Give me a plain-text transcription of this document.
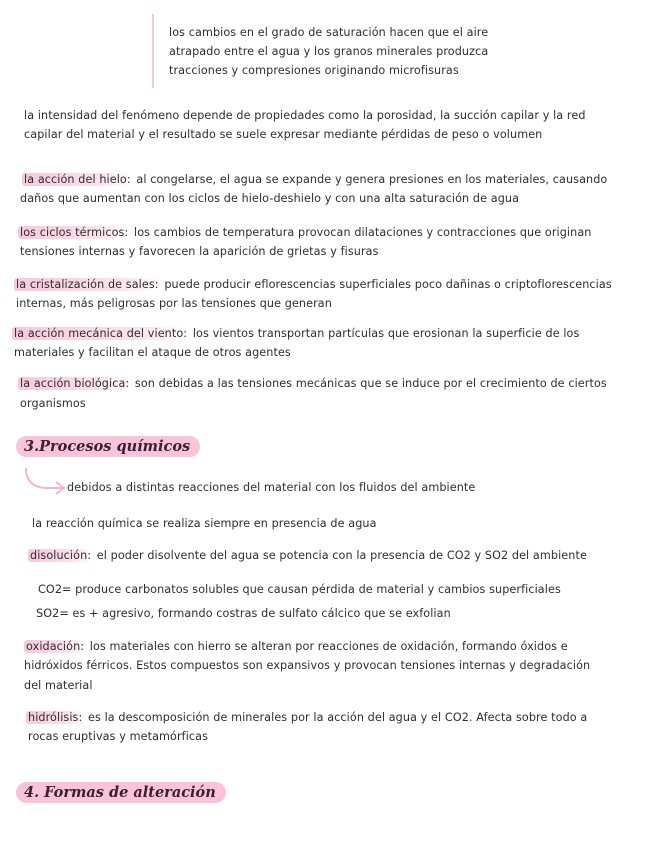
los cambios en el grado de saturación hacen que el aire
atrapado entre el agua y los granos minerales produzca
tracciones y compresiones originando microfisuras
la intensidad del fenómeno depende de propiedades como la porosidad, la succión capilar y la red
capilar del material y el resultado se suele expresar mediante pérdidas de peso o volumen
la acción del hielo: al congelarse, el agua se expande y genera presiones en los materiales, causando
daños que aumentan con los ciclos de hielo-deshielo y con una alta saturación de agua
los ciclos térmicos: los cambios de temperatura provocan dilataciones y contracciones que originan
tensiones internas y favorecen la aparición de grietas y fisuras
la cristalización de sales: puede producir eflorescencias superficiales poco dañinas o criptoflorescencias
internas, más peligrosas por las tensiones que generan
la acción mecánica del viento: los vientos transportan partículas que erosionan la superficie de los
materiales y facilitan el ataque de otros agentes
la acción biológica: son debidas a las tensiones mecánicas que se induce por el crecimiento de ciertos
organismos
3.Procesos químicos
debidos a distintas reacciones del material con los fluidos del ambiente
la reacción química se realiza siempre en presencia de agua
disolución: el poder disolvente del agua se potencia con la presencia de CO2 y SO2 del ambiente
CO2= produce carbonatos solubles que causan pérdida de material y cambios superficiales
SO2= es + agresivo, formando costras de sulfato cálcico que se exfolian
oxidación: los materiales con hierro se alteran por reacciones de oxidación, formando óxidos e
hidróxidos férricos. Estos compuestos son expansivos y provocan tensiones internas y degradación
del material
hidrólisis: es la descomposición de minerales por la acción del agua y el CO2. Afecta sobre todo a
rocas eruptivas y metamórficas
4. Formas de alteración
